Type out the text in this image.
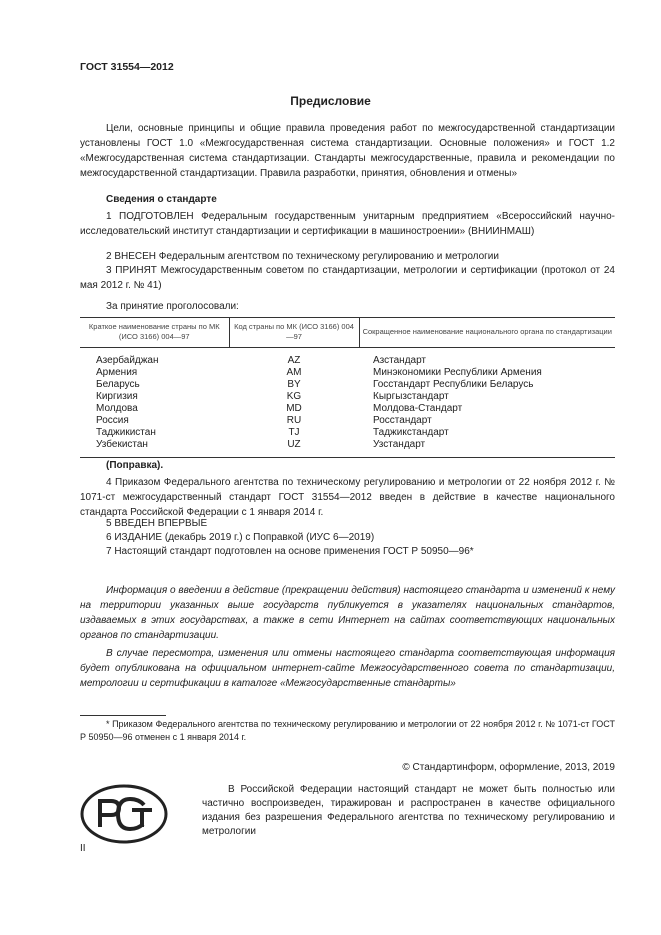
ГОСТ 31554—2012
Предисловие
Цели, основные принципы и общие правила проведения работ по межгосударственной стандартизации установлены ГОСТ 1.0 «Межгосударственная система стандартизации. Основные положения» и ГОСТ 1.2 «Межгосударственная система стандартизации. Стандарты межгосударственные, правила и рекомендации по межгосударственной стандартизации. Правила разработки, принятия, обновления и отмены»
Сведения о стандарте
1 ПОДГОТОВЛЕН Федеральным государственным унитарным предприятием «Всероссийский научно-исследовательский институт стандартизации и сертификации в машиностроении» (ВНИИНМАШ)
2 ВНЕСЕН Федеральным агентством по техническому регулированию и метрологии
3 ПРИНЯТ Межгосударственным советом по стандартизации, метрологии и сертификации (протокол от 24 мая 2012 г. № 41)
За принятие проголосовали:
Краткое наименование страны по МК (ИСО 3166) 004—97	Код страны по МК (ИСО 3166) 004—97	Сокращенное наименование национального органа по стандартизации
Азербайджан	AZ	Азстандарт
Армения	AM	Минэкономики Республики Армения
Беларусь	BY	Госстандарт Республики Беларусь
Киргизия	KG	Кыргызстандарт
Молдова	MD	Молдова-Стандарт
Россия	RU	Росстандарт
Таджикистан	TJ	Таджикстандарт
Узбекистан	UZ	Узстандарт
(Поправка).
4 Приказом Федерального агентства по техническому регулированию и метрологии от 22 ноября 2012 г. № 1071-ст межгосударственный стандарт ГОСТ 31554—2012 введен в действие в качестве национального стандарта Российской Федерации с 1 января 2014 г.
5 ВВЕДЕН ВПЕРВЫЕ
6 ИЗДАНИЕ (декабрь 2019 г.) с Поправкой (ИУС 6—2019)
7 Настоящий стандарт подготовлен на основе применения ГОСТ Р 50950—96*
Информация о введении в действие (прекращении действия) настоящего стандарта и изменений к нему на территории указанных выше государств публикуется в указателях национальных стандартов, издаваемых в этих государствах, а также в сети Интернет на сайтах соответствующих национальных органов по стандартизации.
В случае пересмотра, изменения или отмены настоящего стандарта соответствующая информация будет опубликована на официальном интернет-сайте Межгосударственного совета по стандартизации, метрологии и сертификации в каталоге «Межгосударственные стандарты»
* Приказом Федерального агентства по техническому регулированию и метрологии от 22 ноября 2012 г. № 1071-ст ГОСТ Р 50950—96 отменен с 1 января 2014 г.
© Стандартинформ, оформление, 2013, 2019
В Российской Федерации настоящий стандарт не может быть полностью или частично воспроизведен, тиражирован и распространен в качестве официального издания без разрешения Федерального агентства по техническому регулированию и метрологии
II
